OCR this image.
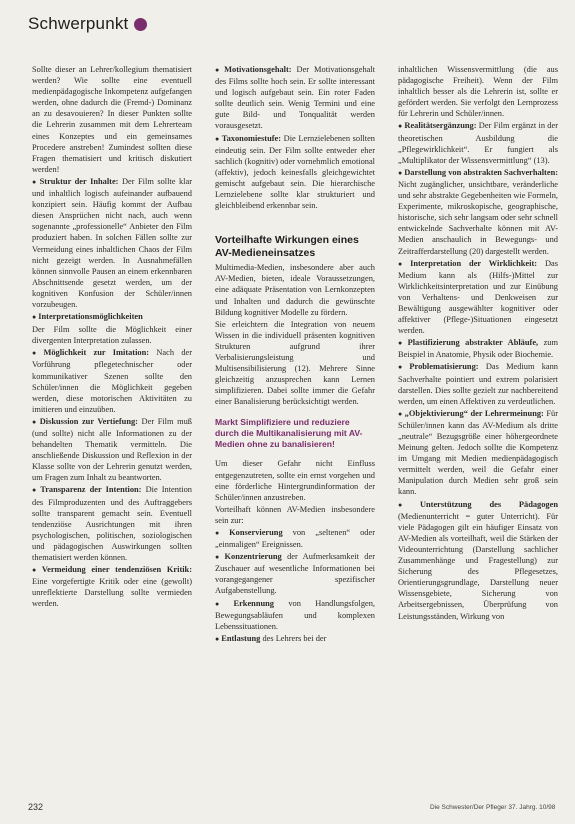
Schwerpunkt

Sollte dieser an Lehrer/kollegium thematisiert werden? Wie sollte eine eventuell medienpädagogische Inkompetenz aufgefangen werden, ohne dadurch die (Fremd-) Dominanz an zu desavouieren? In dieser Punkten sollte die Lehrerin zusammen mit dem Lehrerteam eines Konzeptes und ein gemeinsames Procedere anstreben! Zumindest sollten diese Fragen thematisiert und kritisch diskutiert werden!

● Struktur der Inhalte: Der Film sollte klar und inhaltlich logisch aufeinander aufbauend konzipiert sein. Häufig kommt der Aufbau diesen Ansprüchen nicht nach, auch wenn sogenannte „professionelle“ Anbieter den Film produziert haben. In solchen Fällen sollte zur Vermeidung eines inhaltlichen Chaos der Film nicht gezeigt werden. In Ausnahmefällen können sinnvolle Pausen an einem erkennbaren Abschnittsende gesetzt werden, um der kognitiven Konfusion der Schüler/innen vorzubeugen.

● Interpretationsmöglichkeiten

Der Film sollte die Möglichkeit einer divergenten Interpretation zulassen.

● Möglichkeit zur Imitation: Nach der Vorführung pflegetechnischer oder kommunikativer Szenen sollte den Schüler/innen die Möglichkeit gegeben werden, diese motorischen Aktivitäten zu imitieren und einzuüben.

● Diskussion zur Vertiefung: Der Film muß (und sollte) nicht alle Informationen zu der behandelten Thematik vermitteln. Die anschließende Diskussion und Reflexion in der Klasse sollte von der Lehrerin genutzt werden, um Fragen zum Inhalt zu beantworten.

● Transparenz der Intention: Die Intention des Filmproduzenten und des Auftraggebers sollte transparent gemacht sein. Eventuell tendenziöse Ausrichtungen mit ihren psychologischen, politischen, soziologischen und pädagogischen Auswirkungen sollten thematisiert werden können.

● Vermeidung einer tendenziösen Kritik: Eine vorgefertigte Kritik oder eine (gewollt) unreflektierte Darstellung sollte vermieden werden.

● Motivationsgehalt: Der Motivationsgehalt des Films sollte hoch sein. Er sollte interessant und logisch aufgebaut sein. Ein roter Faden sollte deutlich sein. Wenig Termini und eine gute Bild- und Tonqualität werden vorausgesetzt.

● Taxonomiestufe: Die Lernzielebenen sollten eindeutig sein. Der Film sollte entweder eher sachlich (kognitiv) oder vornehmlich emotional (affektiv), jedoch keinesfalls gleichgewichtet gemischt aufgebaut sein. Die hierarchische Lernzielebene sollte klar strukturiert und gleichbleibend erkennbar sein.

Vorteilhafte Wirkungen eines AV-Medieneinsatzes

Multimedia-Medien, insbesondere aber auch AV-Medien, bieten, ideale Voraussetzungen, eine adäquate Präsentation von Lernkonzepten und Inhalten und dadurch die gewünschte Bildung kognitiver Modelle zu fördern.

Sie erleichtern die Integration von neuem Wissen in die individuell präsenten kognitiven Strukturen aufgrund ihrer Verbalisierungsleistung und Multisensibilisierung (12). Mehrere Sinne gleichzeitig anzusprechen kann Lernen simplifizieren. Dabei sollte immer die Gefahr einer Banalisierung berücksichtigt werden.

Markt Simplifiziere und reduziere durch die Multikanalisierung mit AV-Medien ohne zu banalisieren!

Um dieser Gefahr nicht Einfluss entgegenzutreten, sollte ein ernst vorgehen und eine förderliche Hintergrundinformation der Schüler/innen anzustreben.

Vorteilhaft können AV-Medien insbesondere sein zur:

● Konservierung von „seltenen“ oder „einmaligen“ Ereignissen.

● Konzentrierung der Aufmerksamkeit der Zuschauer auf wesentliche Informationen bei vorangegangener spezifischer Aufgabenstellung.

● Erkennung von Handlungsfolgen, Bewegungsabläufen und komplexen Lebenssituationen.

● Entlastung des Lehrers bei der

inhaltlichen Wissensvermittlung (die aus pädagogische Freiheit). Wenn der Film inhaltlich besser als die Lehrerin ist, sollte er gefördert werden. Sie verfolgt den Lernprozess für Lehrerin und Schüler/innen.

● Realitätsergänzung: Der Film ergänzt in der theoretischen Ausbildung die „Pflegewirklichkeit“. Er fungiert als „Multiplikator der Wissensvermittlung“ (13).

● Darstellung von abstrakten Sachverhalten: Nicht zugänglicher, unsichtbare, veränderliche und sehr abstrakte Gegebenheiten wie Formeln, Experimente, mikroskopische, geographische, historische, sich sehr langsam oder sehr schnell entwickelnde Sachverhalte können mit AV-Medien anschaulich in Bewegungs- und Zeitrafferdarstellung (20) dargestellt werden.

● Interpretation der Wirklichkeit: Das Medium kann als (Hilfs-)Mittel zur Wirklichkeitsinterpretation und zur Einübung von Verhaltens- und Denkweisen zur Bewältigung ausgewählter kognitiver oder affektiver (Pflege-)Situationen eingesetzt werden.

● Plastifizierung abstrakter Abläufe, zum Beispiel in Anatomie, Physik oder Biochemie.

● Problematisierung: Das Medium kann Sachverhalte pointiert und extrem polarisiert darstellen. Dies sollte gezielt zur nachbereitend werden, um einen Affektiven zu verdeutlichen.

● „Objektivierung“ der Lehrermeinung: Für Schüler/innen kann das AV-Medium als dritte „neutrale“ Bezugsgröße einer höhergeordnete Meinung gelten. Jedoch sollte die Kompetenz im Umgang mit Medien medienpädagogisch vermittelt werden, weil die Gefahr einer Manipulation durch Medien sehr groß sein kann.

● Unterstützung des Pädagogen (Medienunterricht = guter Unterricht). Für viele Pädagogen gilt ein häufiger Einsatz von AV-Medien als vorteilhaft, weil die Stärken der Videounterrichtung (Darstellung sachlicher Zusammenhänge und Fragestellung) zur Sicherung des Pflegesetzes, Orientierungsgrundlage, Darstellung neuer Wissensgebiete, Sicherung von Arbeitsergebnissen, Überprüfung von Leistungsständen, Wirkung von

232	Die Schwester/Der Pfleger 37. Jahrg. 10/98
